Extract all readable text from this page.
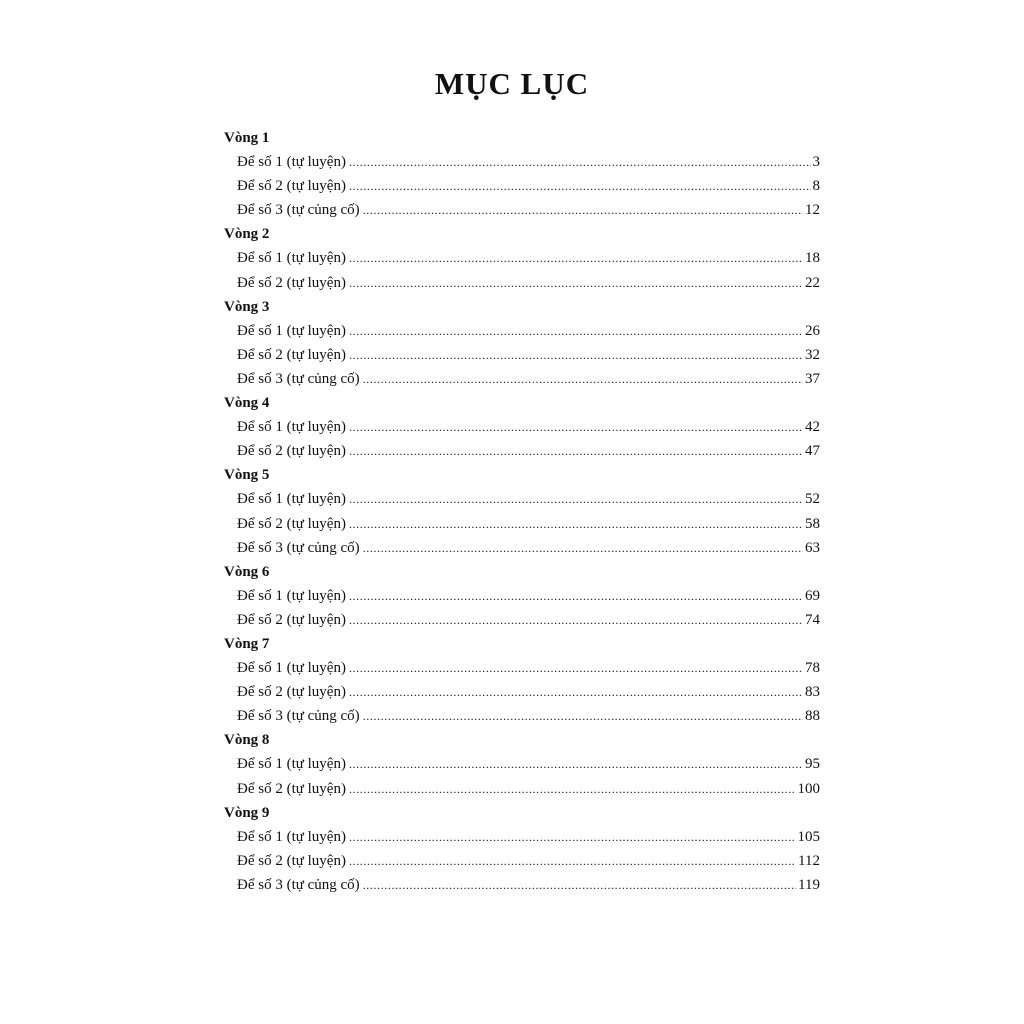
MỤC LỤC
Vòng 1
Để số 1 (tự luyện) .....	3
Để số 2 (tự luyện) .....	8
Để số 3 (tự củng cố) .....	12
Vòng 2
Để số 1 (tự luyện) .....	18
Để số 2 (tự luyện) .....	22
Vòng 3
Để số 1 (tự luyện) .....	26
Để số 2 (tự luyện) .....	32
Để số 3 (tự củng cố) .....	37
Vòng 4
Để số 1 (tự luyện) .....	42
Để số 2 (tự luyện) .....	47
Vòng 5
Để số 1 (tự luyện) .....	52
Để số 2 (tự luyện) .....	58
Để số 3 (tự củng cố) .....	63
Vòng 6
Để số 1 (tự luyện) .....	69
Để số 2 (tự luyện) .....	74
Vòng 7
Để số 1 (tự luyện) .....	78
Để số 2 (tự luyện) .....	83
Để số 3 (tự củng cố) .....	88
Vòng 8
Để số 1 (tự luyện) .....	95
Để số 2 (tự luyện) .....	100
Vòng 9
Để số 1 (tự luyện) .....	105
Để số 2 (tự luyện) .....	112
Để số 3 (tự củng cố) .....	119
